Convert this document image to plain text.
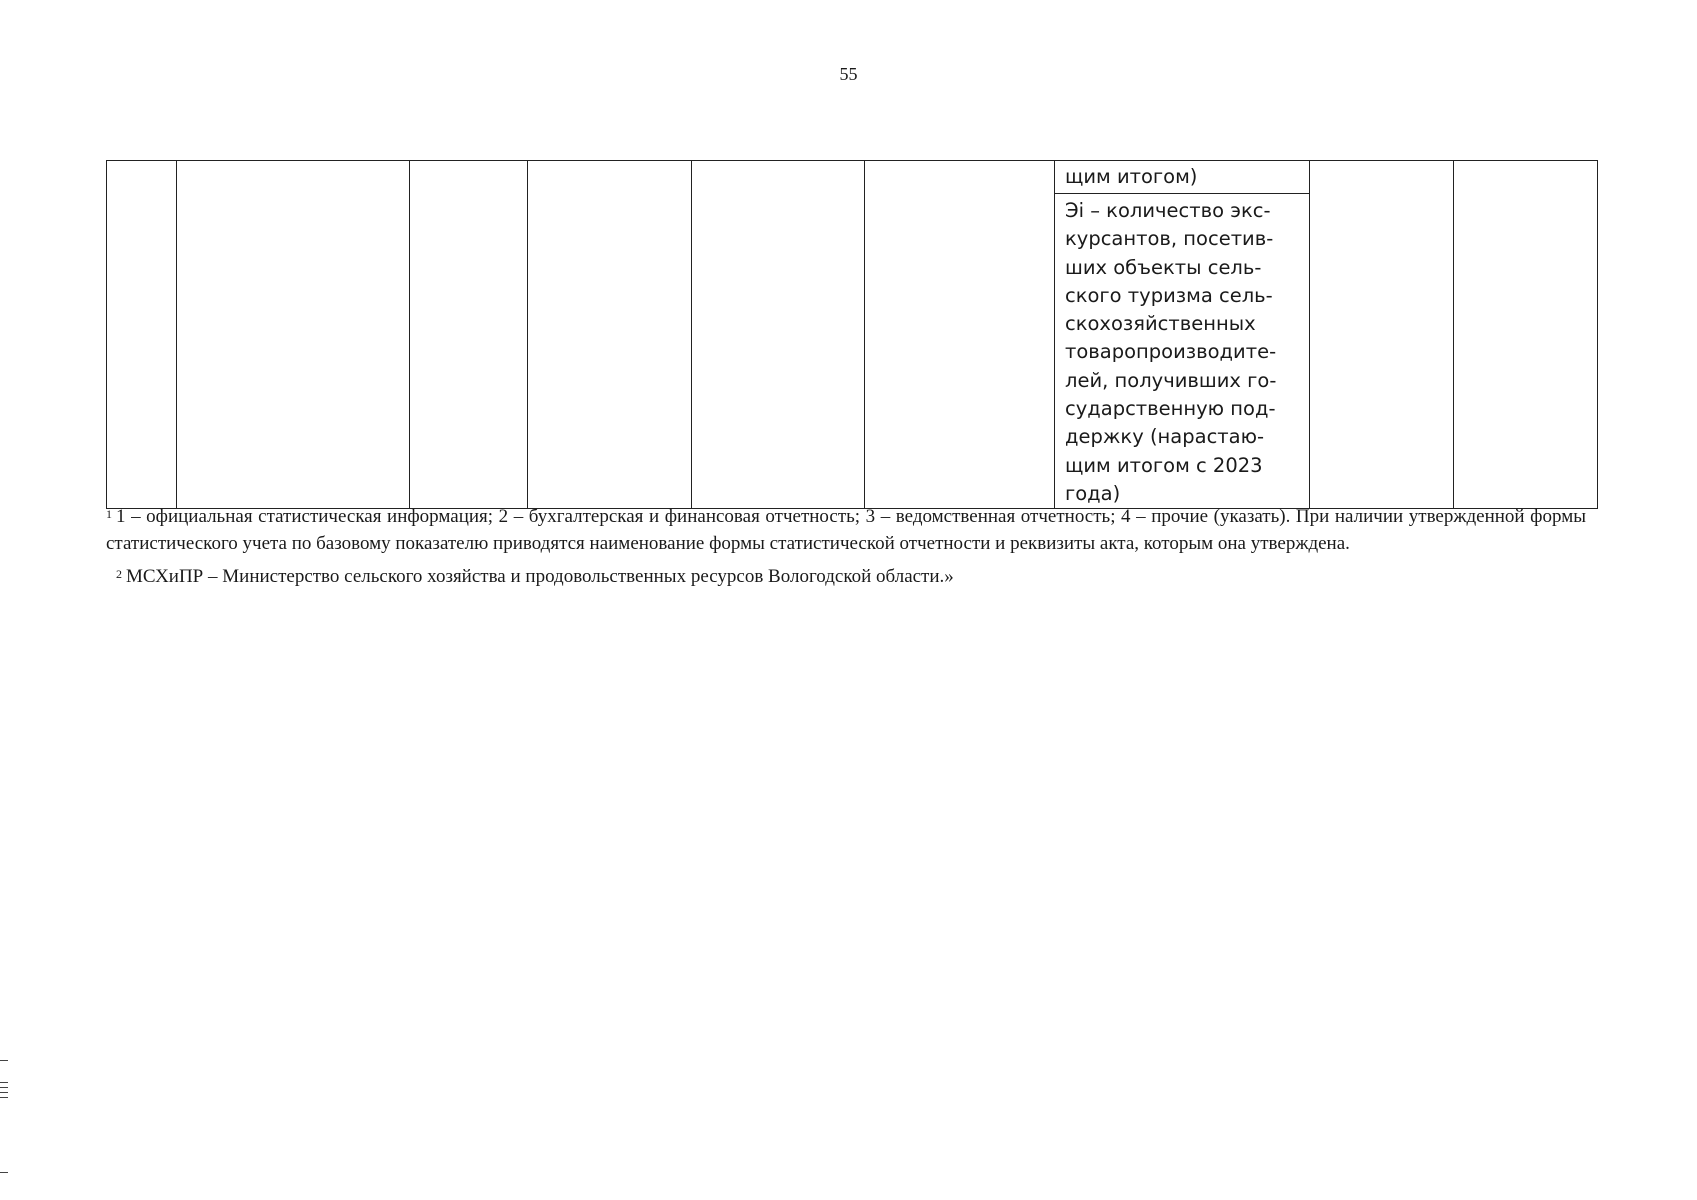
55

щим итогом)
Эi – количество экс-
курсантов, посетив-
ших объекты сель-
ского туризма сель-
скохозяйственных
товаропроизводите-
лей, получивших го-
сударственную под-
держку (нарастаю-
щим итогом с 2023
года)

$^1$ 1 – официальная статистическая информация; 2 – бухгалтерская и финансовая отчетность; 3 – ведомственная отчетность; 4 – прочие (указать). При наличии утвержденной формы статистического учета по базовому показателю приводятся наименование формы статистической отчетности и реквизиты акта, которым она утверждена.

$^2$ МСХиПР – Министерство сельского хозяйства и продовольственных ресурсов Вологодской области.»
